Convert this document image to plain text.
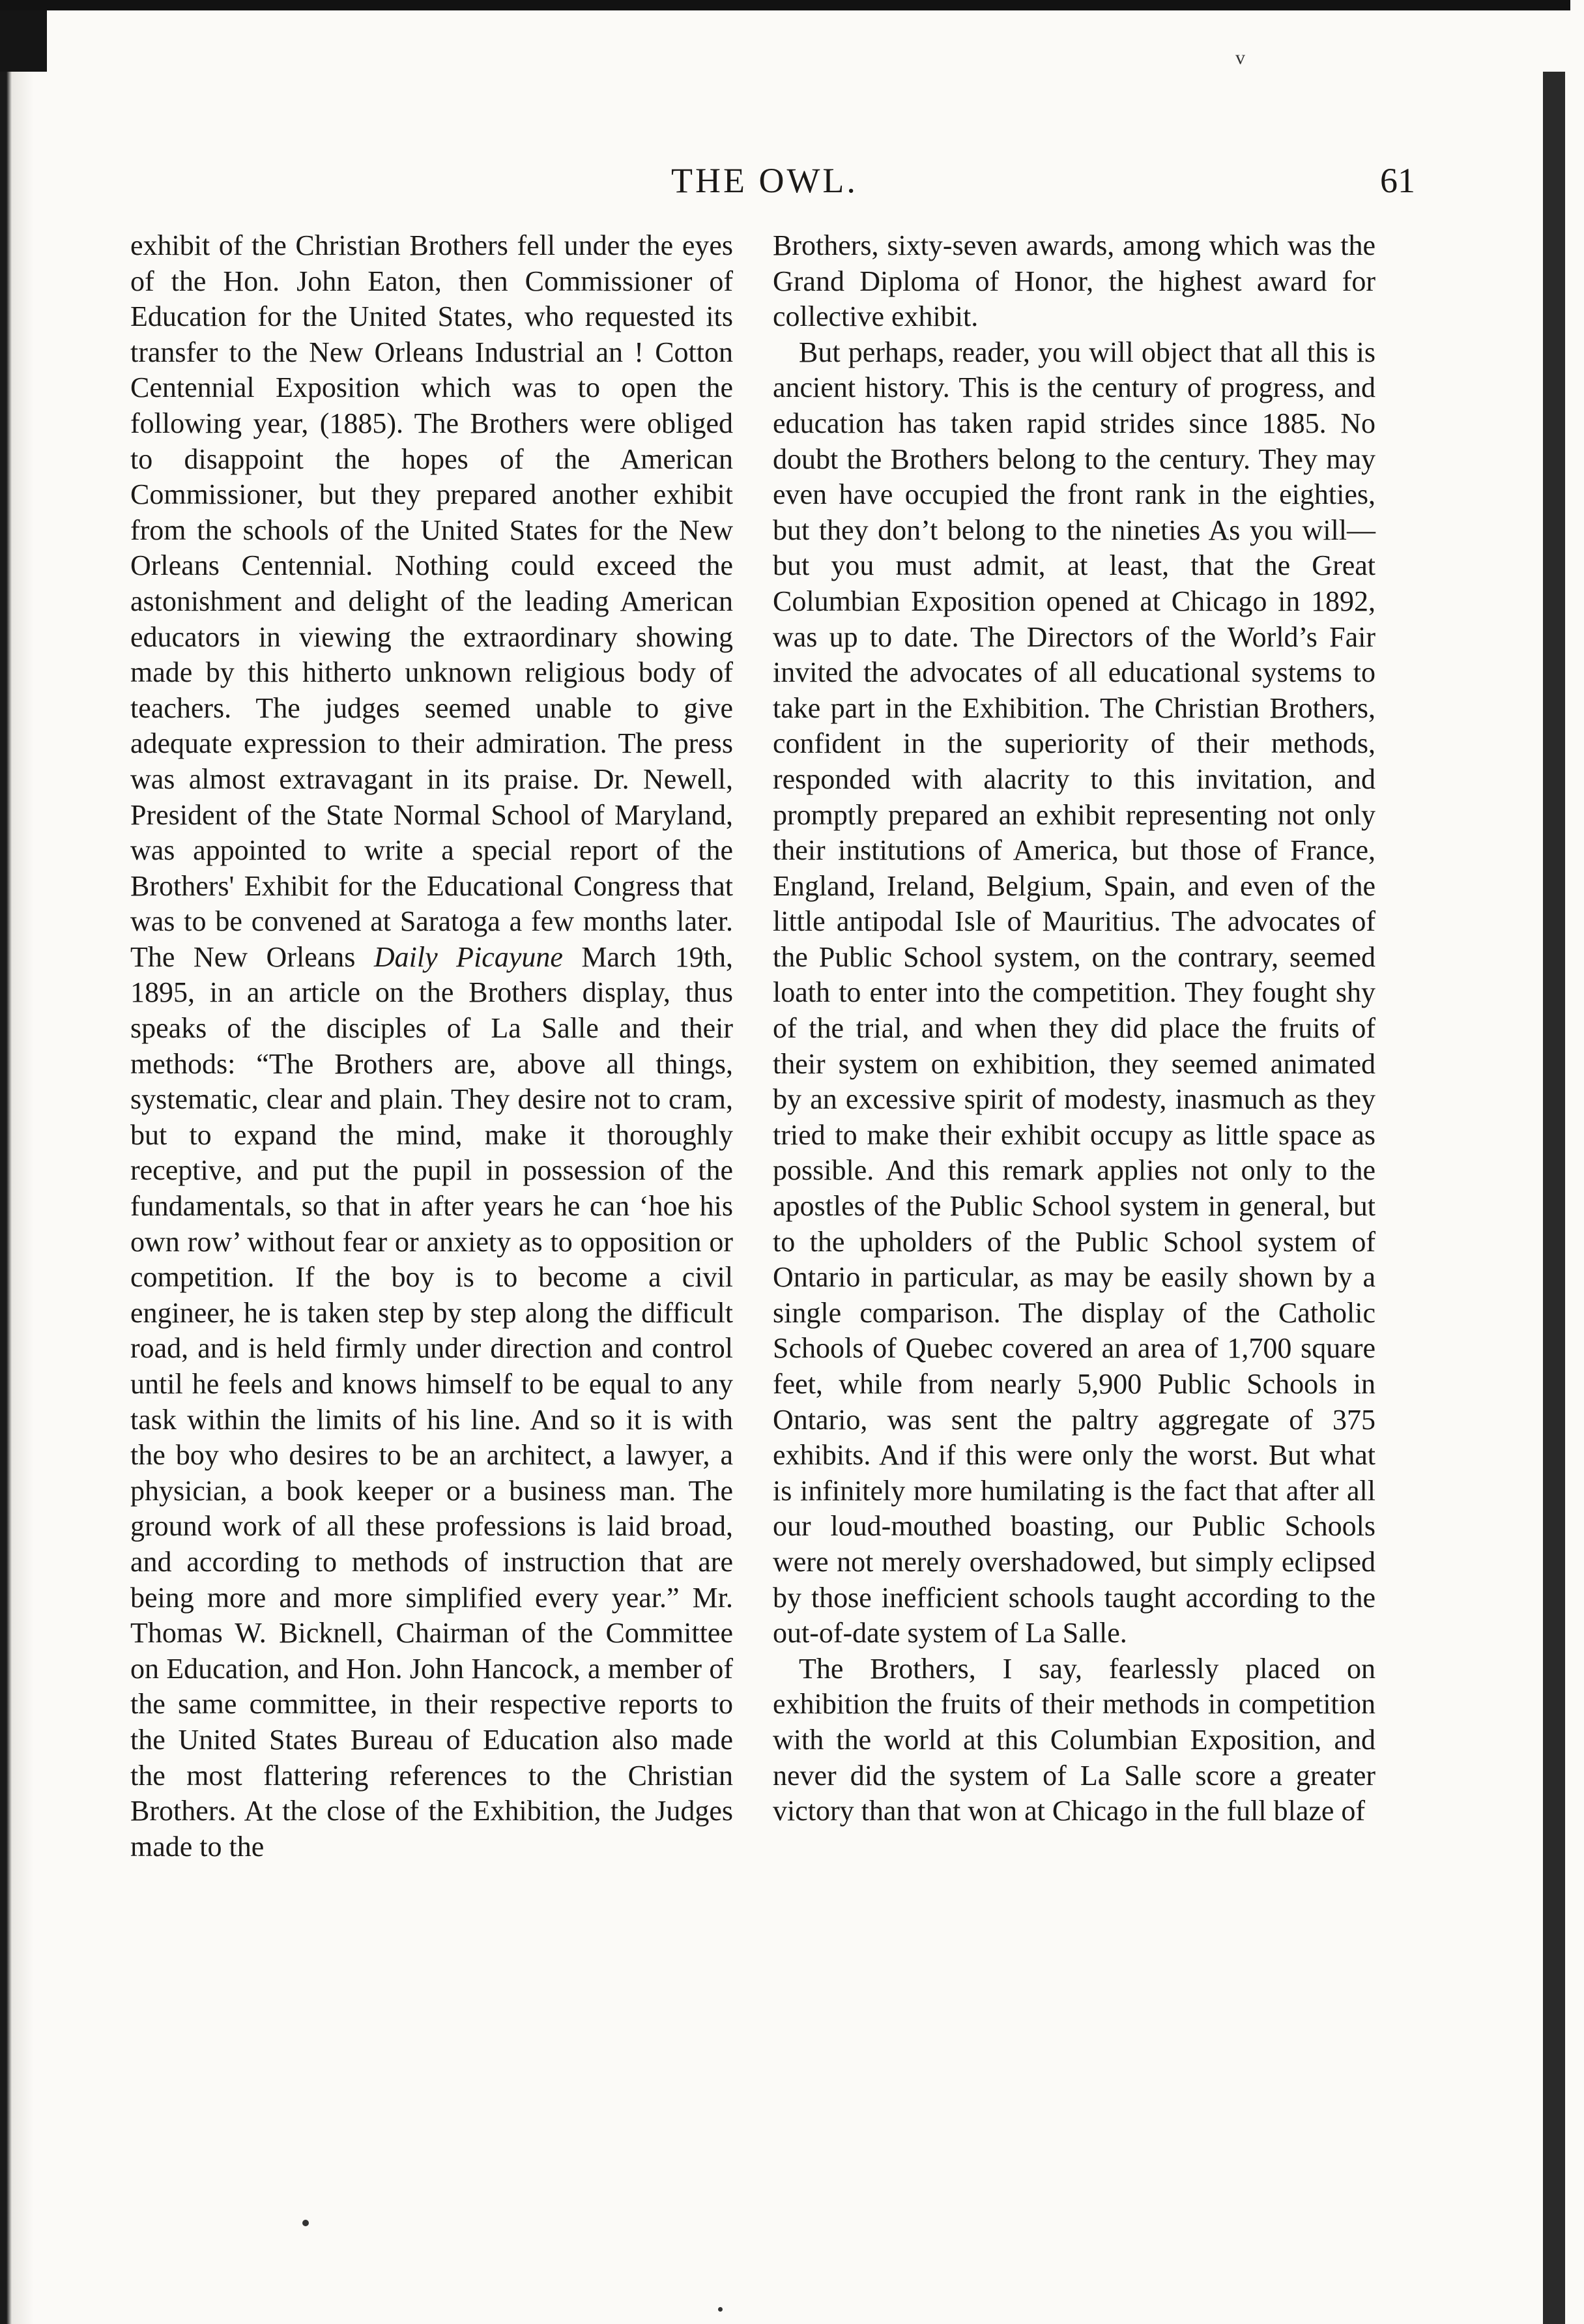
v
THE OWL.	61

exhibit of the Christian Brothers fell under the eyes of the Hon. John Eaton, then Commissioner of Education for the United States, who requested its transfer to the New Orleans Industrial an ! Cotton Centennial Exposition which was to open the following year, (1885). The Brothers were obliged to disappoint the hopes of the American Commissioner, but they prepared another exhibit from the schools of the United States for the New Orleans Centennial. Nothing could exceed the astonishment and delight of the leading American educators in viewing the extraordinary showing made by this hitherto unknown religious body of teachers. The judges seemed unable to give adequate expression to their admiration. The press was almost extravagant in its praise. Dr. Newell, President of the State Normal School of Maryland, was appointed to write a special report of the Brothers' Exhibit for the Educational Congress that was to be convened at Saratoga a few months later. The New Orleans Daily Picayune March 19th, 1895, in an article on the Brothers display, thus speaks of the disciples of La Salle and their methods: “The Brothers are, above all things, systematic, clear and plain. They desire not to cram, but to expand the mind, make it thoroughly receptive, and put the pupil in possession of the fundamentals, so that in after years he can ‘hoe his own row’ without fear or anxiety as to opposition or competition. If the boy is to become a civil engineer, he is taken step by step along the difficult road, and is held firmly under direction and control until he feels and knows himself to be equal to any task within the limits of his line. And so it is with the boy who desires to be an architect, a lawyer, a physician, a book keeper or a business man. The ground work of all these professions is laid broad, and according to methods of instruction that are being more and more simplified every year.” Mr. Thomas W. Bicknell, Chairman of the Committee on Education, and Hon. John Hancock, a member of the same committee, in their respective reports to the United States Bureau of Education also made the most flattering references to the Christian Brothers. At the close of the Exhibition, the Judges made to the

Brothers, sixty-seven awards, among which was the Grand Diploma of Honor, the highest award for collective exhibit.

But perhaps, reader, you will object that all this is ancient history. This is the century of progress, and education has taken rapid strides since 1885. No doubt the Brothers belong to the century. They may even have occupied the front rank in the eighties, but they don’t belong to the nineties As you will—but you must admit, at least, that the Great Columbian Exposition opened at Chicago in 1892, was up to date. The Directors of the World’s Fair invited the advocates of all educational systems to take part in the Exhibition. The Christian Brothers, confident in the superiority of their methods, responded with alacrity to this invitation, and promptly prepared an exhibit representing not only their institutions of America, but those of France, England, Ireland, Belgium, Spain, and even of the little antipodal Isle of Mauritius. The advocates of the Public School system, on the contrary, seemed loath to enter into the competition. They fought shy of the trial, and when they did place the fruits of their system on exhibition, they seemed animated by an excessive spirit of modesty, inasmuch as they tried to make their exhibit occupy as little space as possible. And this remark applies not only to the apostles of the Public School system in general, but to the upholders of the Public School system of Ontario in particular, as may be easily shown by a single comparison. The display of the Catholic Schools of Quebec covered an area of 1,700 square feet, while from nearly 5,900 Public Schools in Ontario, was sent the paltry aggregate of 375 exhibits. And if this were only the worst. But what is infinitely more humilating is the fact that after all our loud-mouthed boasting, our Public Schools were not merely overshadowed, but simply eclipsed by those inefficient schools taught according to the out-of-date system of La Salle.

The Brothers, I say, fearlessly placed on exhibition the fruits of their methods in competition with the world at this Columbian Exposition, and never did the system of La Salle score a greater victory than that won at Chicago in the full blaze of
